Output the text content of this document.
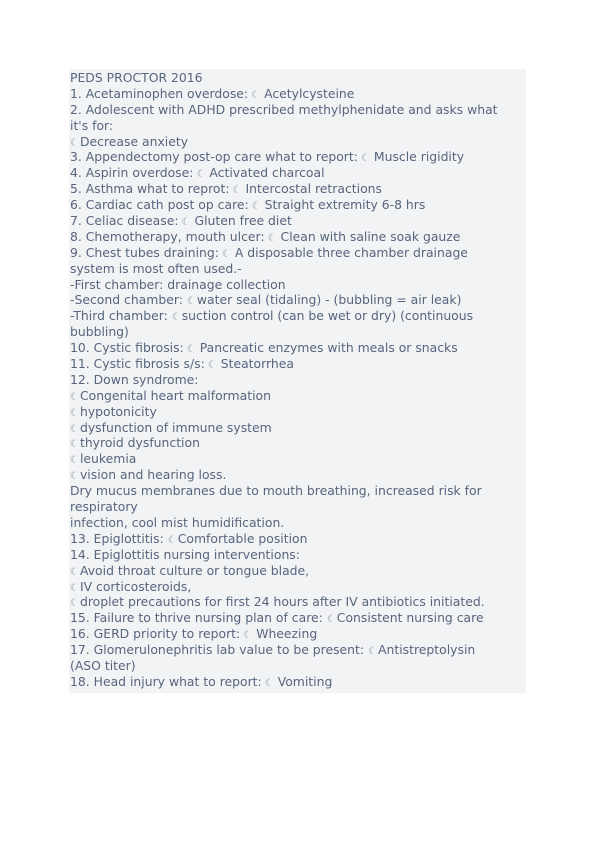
PEDS PROCTOR 2016
1. Acetaminophen overdose: ☾ Acetylcysteine
2. Adolescent with ADHD prescribed methylphenidate and asks what
it's for:
☾Decrease anxiety
3. Appendectomy post-op care what to report: ☾ Muscle rigidity
4. Aspirin overdose: ☾ Activated charcoal
5. Asthma what to reprot: ☾ Intercostal retractions
6. Cardiac cath post op care: ☾ Straight extremity 6-8 hrs
7. Celiac disease: ☾ Gluten free diet
8. Chemotherapy, mouth ulcer: ☾ Clean with saline soak gauze
9. Chest tubes draining: ☾ A disposable three chamber drainage
system is most often used.-
-First chamber: drainage collection
-Second chamber: ☾water seal (tidaling) - (bubbling = air leak)
-Third chamber: ☾suction control (can be wet or dry) (continuous
bubbling)
10. Cystic fibrosis: ☾ Pancreatic enzymes with meals or snacks
11. Cystic fibrosis s/s: ☾ Steatorrhea
12. Down syndrome:
☾Congenital heart malformation
☾hypotonicity
☾dysfunction of immune system
☾thyroid dysfunction
☾leukemia
☾vision and hearing loss.
Dry mucus membranes due to mouth breathing, increased risk for
respiratory
infection, cool mist humidification.
13. Epiglottitis: ☾Comfortable position
14. Epiglottitis nursing interventions:
☾Avoid throat culture or tongue blade,
☾IV corticosteroids,
☾droplet precautions for first 24 hours after IV antibiotics initiated.
15. Failure to thrive nursing plan of care: ☾Consistent nursing care
16. GERD priority to report: ☾ Wheezing
17. Glomerulonephritis lab value to be present: ☾Antistreptolysin
(ASO titer)
18. Head injury what to report: ☾ Vomiting
